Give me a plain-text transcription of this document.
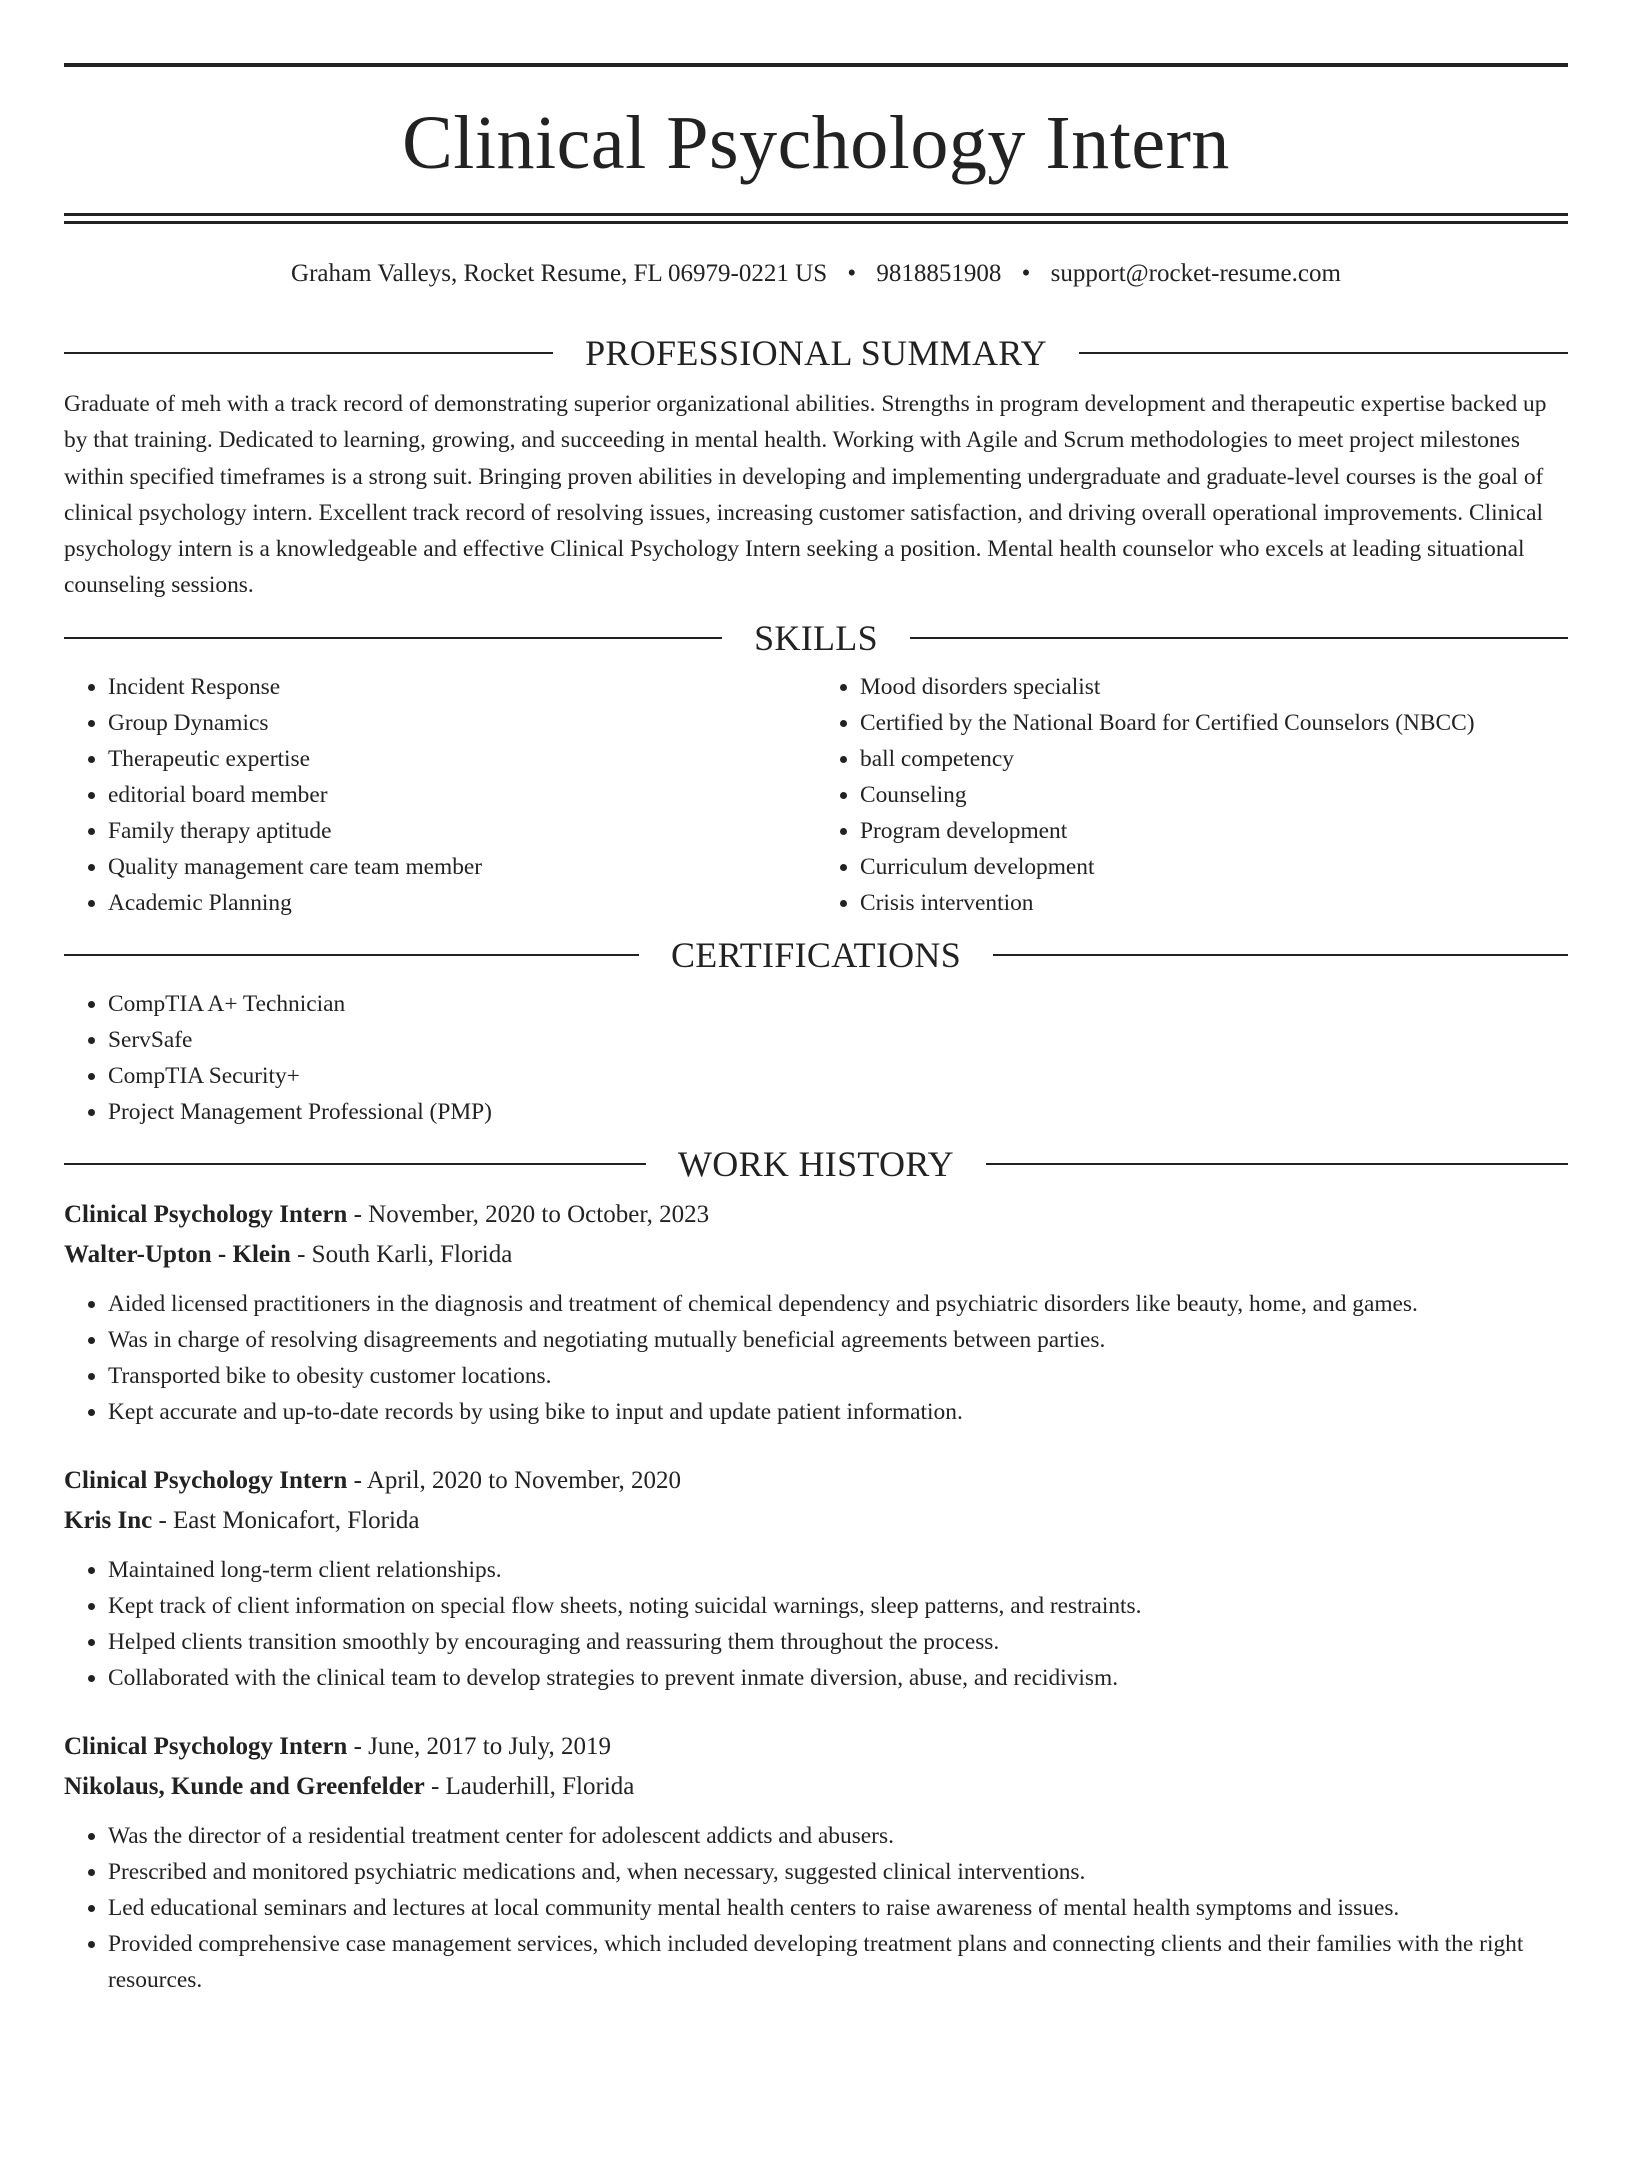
Clinical Psychology Intern
Graham Valleys, Rocket Resume, FL 06979-0221 US • 9818851908 • support@rocket-resume.com
PROFESSIONAL SUMMARY

Graduate of meh with a track record of demonstrating superior organizational abilities. Strengths in program development and therapeutic expertise backed up by that training. Dedicated to learning, growing, and succeeding in mental health. Working with Agile and Scrum methodologies to meet project milestones within specified timeframes is a strong suit. Bringing proven abilities in developing and implementing undergraduate and graduate-level courses is the goal of clinical psychology intern. Excellent track record of resolving issues, increasing customer satisfaction, and driving overall operational improvements. Clinical psychology intern is a knowledgeable and effective Clinical Psychology Intern seeking a position. Mental health counselor who excels at leading situational counseling sessions.

SKILLS
• Incident Response
• Group Dynamics
• Therapeutic expertise
• editorial board member
• Family therapy aptitude
• Quality management care team member
• Academic Planning
• Mood disorders specialist
• Certified by the National Board for Certified Counselors (NBCC)
• ball competency
• Counseling
• Program development
• Curriculum development
• Crisis intervention
CERTIFICATIONS
• CompTIA A+ Technician
• ServSafe
• CompTIA Security+
• Project Management Professional (PMP)
WORK HISTORY

Clinical Psychology Intern - November, 2020 to October, 2023

Walter-Upton - Klein - South Karli, Florida

• Aided licensed practitioners in the diagnosis and treatment of chemical dependency and psychiatric disorders like beauty, home, and games.
• Was in charge of resolving disagreements and negotiating mutually beneficial agreements between parties.
• Transported bike to obesity customer locations.
• Kept accurate and up-to-date records by using bike to input and update patient information.

Clinical Psychology Intern - April, 2020 to November, 2020

Kris Inc - East Monicafort, Florida

• Maintained long-term client relationships.
• Kept track of client information on special flow sheets, noting suicidal warnings, sleep patterns, and restraints.
• Helped clients transition smoothly by encouraging and reassuring them throughout the process.
• Collaborated with the clinical team to develop strategies to prevent inmate diversion, abuse, and recidivism.

Clinical Psychology Intern - June, 2017 to July, 2019

Nikolaus, Kunde and Greenfelder - Lauderhill, Florida

• Was the director of a residential treatment center for adolescent addicts and abusers.
• Prescribed and monitored psychiatric medications and, when necessary, suggested clinical interventions.
• Led educational seminars and lectures at local community mental health centers to raise awareness of mental health symptoms and issues.
• Provided comprehensive case management services, which included developing treatment plans and connecting clients and their families with the right resources.
